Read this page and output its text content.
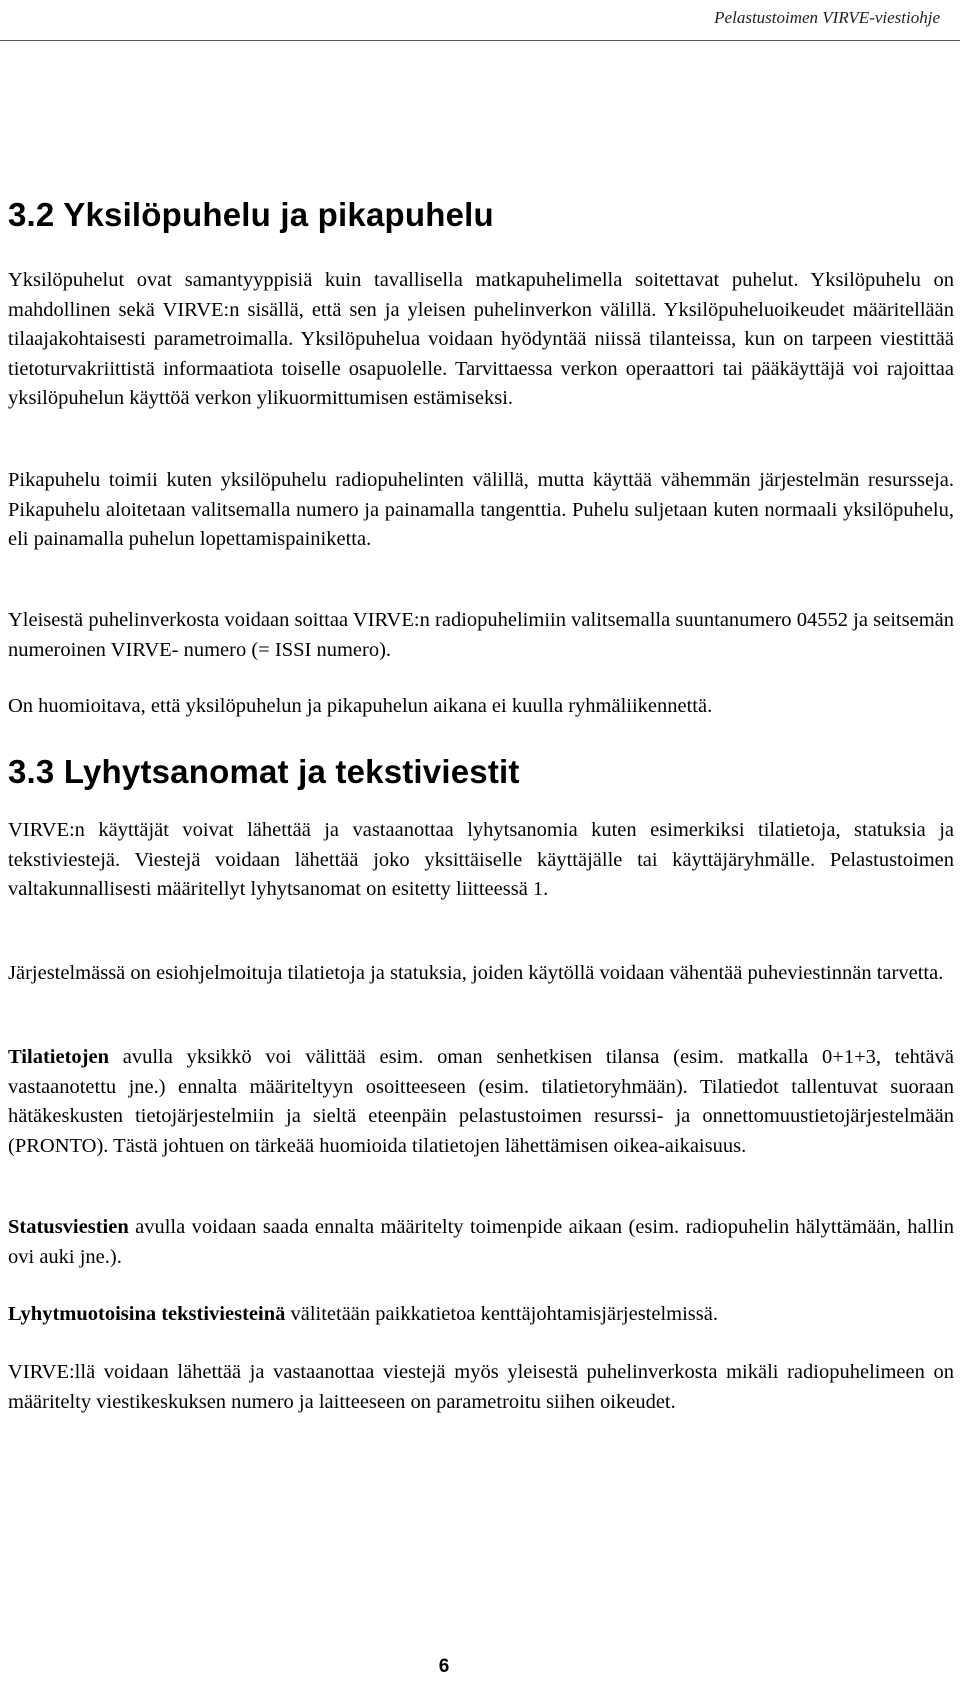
Pelastustoimen VIRVE-viestiohje
3.2 Yksilöpuhelu ja pikapuhelu

Yksilöpuhelut ovat samantyyppisiä kuin tavallisella matkapuhelimella soitettavat puhelut. Yksilöpuhelu on mahdollinen sekä VIRVE:n sisällä, että sen ja yleisen puhelinverkon välillä. Yksilöpuheluoikeudet määritellään tilaajakohtaisesti parametroimalla. Yksilöpuhelua voidaan hyödyntää niissä tilanteissa, kun on tarpeen viestittää tietoturvakriittistä informaatiota toiselle osapuolelle. Tarvittaessa verkon operaattori tai pääkäyttäjä voi rajoittaa yksilöpuhelun käyttöä verkon ylikuormittumisen estämiseksi.

Pikapuhelu toimii kuten yksilöpuhelu radiopuhelinten välillä, mutta käyttää vähemmän järjestelmän resursseja. Pikapuhelu aloitetaan valitsemalla numero ja painamalla tangenttia. Puhelu suljetaan kuten normaali yksilöpuhelu, eli painamalla puhelun lopettamispainiketta.

Yleisestä puhelinverkosta voidaan soittaa VIRVE:n radiopuhelimiin valitsemalla suuntanumero 04552 ja seitsemän numeroinen VIRVE- numero (= ISSI numero).

On huomioitava, että yksilöpuhelun ja pikapuhelun aikana ei kuulla ryhmäliikennettä.

3.3 Lyhytsanomat ja tekstiviestit

VIRVE:n käyttäjät voivat lähettää ja vastaanottaa lyhytsanomia kuten esimerkiksi tilatietoja, statuksia ja tekstiviestejä. Viestejä voidaan lähettää joko yksittäiselle käyttäjälle tai käyttäjäryhmälle. Pelastustoimen valtakunnallisesti määritellyt lyhytsanomat on esitetty liitteessä 1.

Järjestelmässä on esiohjelmoituja tilatietoja ja statuksia, joiden käytöllä voidaan vähentää puheviestinnän tarvetta.

Tilatietojen avulla yksikkö voi välittää esim. oman senhetkisen tilansa (esim. matkalla 0+1+3, tehtävä vastaanotettu jne.) ennalta määriteltyyn osoitteeseen (esim. tilatietoryhmään). Tilatiedot tallentuvat suoraan hätäkeskusten tietojärjestelmiin ja sieltä eteenpäin pelastustoimen resurssi- ja onnettomuustietojärjestelmään (PRONTO). Tästä johtuen on tärkeää huomioida tilatietojen lähettämisen oikea-aikaisuus.

Statusviestien avulla voidaan saada ennalta määritelty toimenpide aikaan (esim. radiopuhelin hälyttämään, hallin ovi auki jne.).

Lyhytmuotoisina tekstiviesteinä välitetään paikkatietoa kenttäjohtamisjärjestelmissä.

VIRVE:llä voidaan lähettää ja vastaanottaa viestejä myös yleisestä puhelinverkosta mikäli radiopuhelimeen on määritelty viestikeskuksen numero ja laitteeseen on parametroitu siihen oikeudet.

6
